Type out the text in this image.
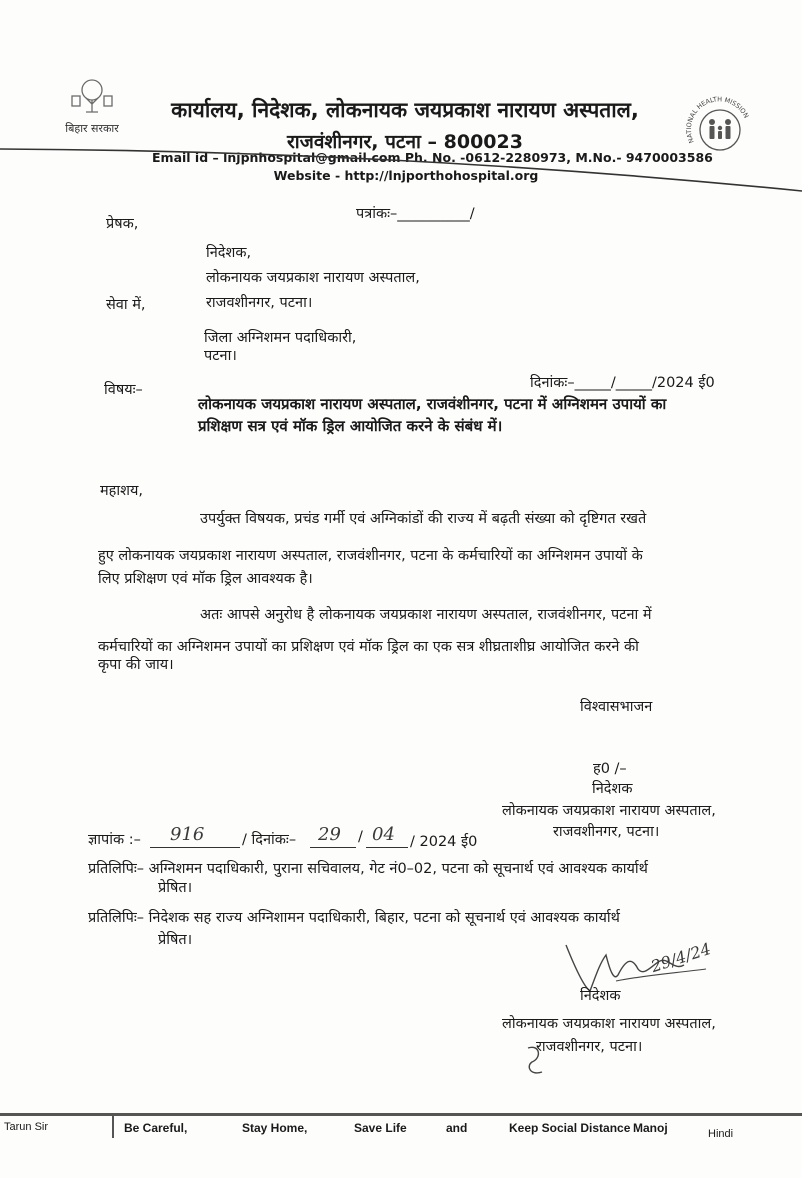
बिहार सरकार
कार्यालय, निदेशक, लोकनायक जयप्रकाश नारायण अस्पताल,
राजवंशीनगर, पटना – 800023
Email id – lnjpnhospital@gmail.com Ph. No. -0612-2280973, M.No.- 9470003586
Website - http://lnjporthohospital.org
NATIONAL HEALTH MISSION
पत्रांकः–__________/
प्रेषक,
निदेशक,
लोकनायक जयप्रकाश नारायण अस्पताल,
राजवशीनगर, पटना।
सेवा में,
जिला अग्निशमन पदाधिकारी,
पटना।
दिनांकः–_____/_____/2024 ई0
विषयः–
लोकनायक जयप्रकाश नारायण अस्पताल, राजवंशीनगर, पटना में अग्निशमन उपायों का
प्रशिक्षण सत्र एवं मॉक ड्रिल आयोजित करने के संबंध में।
महाशय,
उपर्युक्त विषयक, प्रचंड गर्मी एवं अग्निकांडों की राज्य में बढ़ती संख्या को दृष्टिगत रखते
हुए लोकनायक जयप्रकाश नारायण अस्पताल, राजवंशीनगर, पटना के कर्मचारियों का अग्निशमन उपायों के
लिए प्रशिक्षण एवं मॉक ड्रिल आवश्यक है।
अतः आपसे अनुरोध है लोकनायक जयप्रकाश नारायण अस्पताल, राजवंशीनगर, पटना में
कर्मचारियों का अग्निशमन उपायों का प्रशिक्षण एवं मॉक ड्रिल का एक सत्र शीघ्रताशीघ्र आयोजित करने की
कृपा की जाय।
विश्वासभाजन
ह0 /–
निदेशक
लोकनायक जयप्रकाश नारायण अस्पताल,
राजवशीनगर, पटना।
ज्ञापांक :– 916	/ दिनांकः– 29 / 04 / 2024 ई0
प्रतिलिपिः– अग्निशमन पदाधिकारी, पुराना सचिवालय, गेट नं0–02, पटना को सूचनार्थ एवं आवश्यक कार्यार्थ
प्रेषित।
प्रतिलिपिः– निदेशक सह राज्य अग्निशामन पदाधिकारी, बिहार, पटना को सूचनार्थ एवं आवश्यक कार्यार्थ
प्रेषित।	29/4/24
निदेशक
लोकनायक जयप्रकाश नारायण अस्पताल,
राजवशीनगर, पटना।
Tarun Sir	Be Careful,	Stay Home,	Save Life	and	Keep Social Distance Manoj	Hindi
